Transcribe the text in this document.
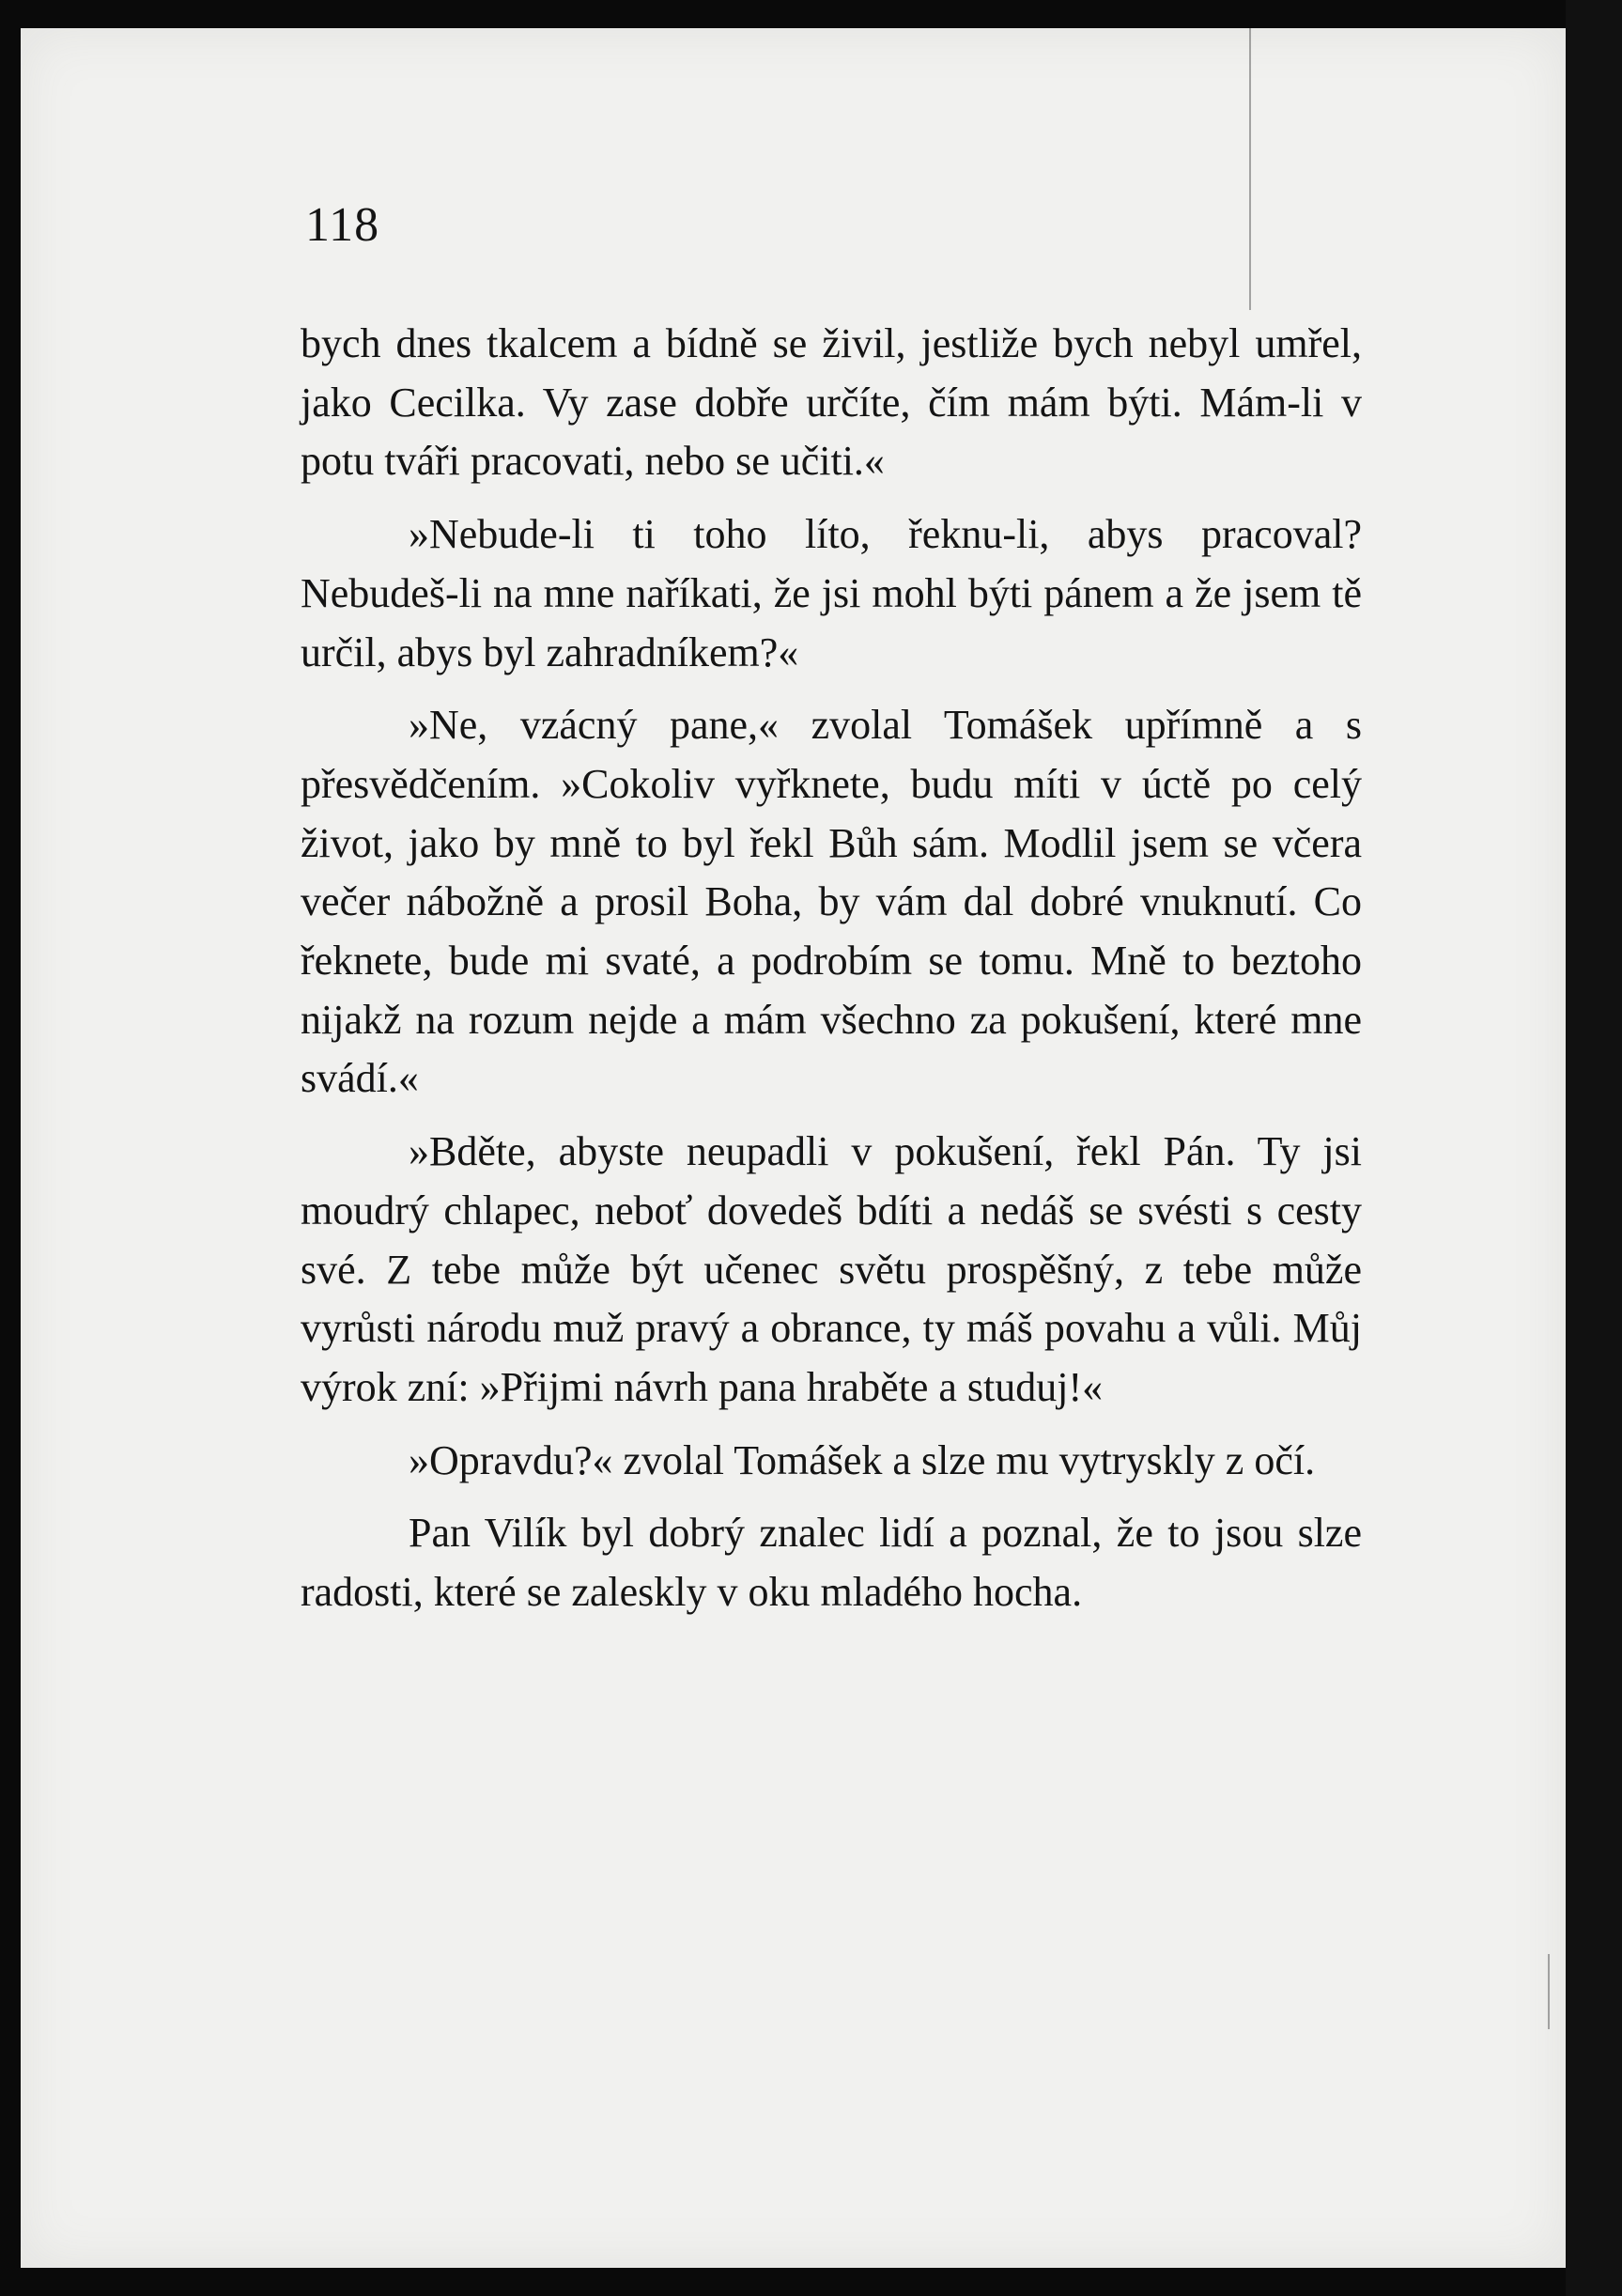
118

bych dnes tkalcem a bídně se živil, jestliže bych nebyl umřel, jako Cecilka. Vy zase dobře určíte, čím mám býti. Mám-li v potu tváři pracovati, nebo se učiti.«

»Nebude-li ti toho líto, řeknu-li, abys pracoval? Nebudeš-li na mne naříkati, že jsi mohl býti pánem a že jsem tě určil, abys byl zahradníkem?«

»Ne, vzácný pane,« zvolal Tomášek upřímně a s přesvědčením. »Cokoliv vyřknete, budu míti v úctě po celý život, jako by mně to byl řekl Bůh sám. Modlil jsem se včera večer nábožně a prosil Boha, by vám dal dobré vnuknutí. Co řeknete, bude mi svaté, a podrobím se tomu. Mně to beztoho nijakž na rozum nejde a mám všechno za pokušení, které mne svádí.«

»Bděte, abyste neupadli v pokušení, řekl Pán. Ty jsi moudrý chlapec, neboť dovedeš bdíti a nedáš se svésti s cesty své. Z tebe může být učenec světu prospěšný, z tebe může vyrůsti národu muž pravý a obrance, ty máš povahu a vůli. Můj výrok zní: »Přijmi návrh pana hraběte a studuj!«

»Opravdu?« zvolal Tomášek a slze mu vytryskly z očí.

Pan Vilík byl dobrý znalec lidí a poznal, že to jsou slze radosti, které se zaleskly v oku mladého hocha.
